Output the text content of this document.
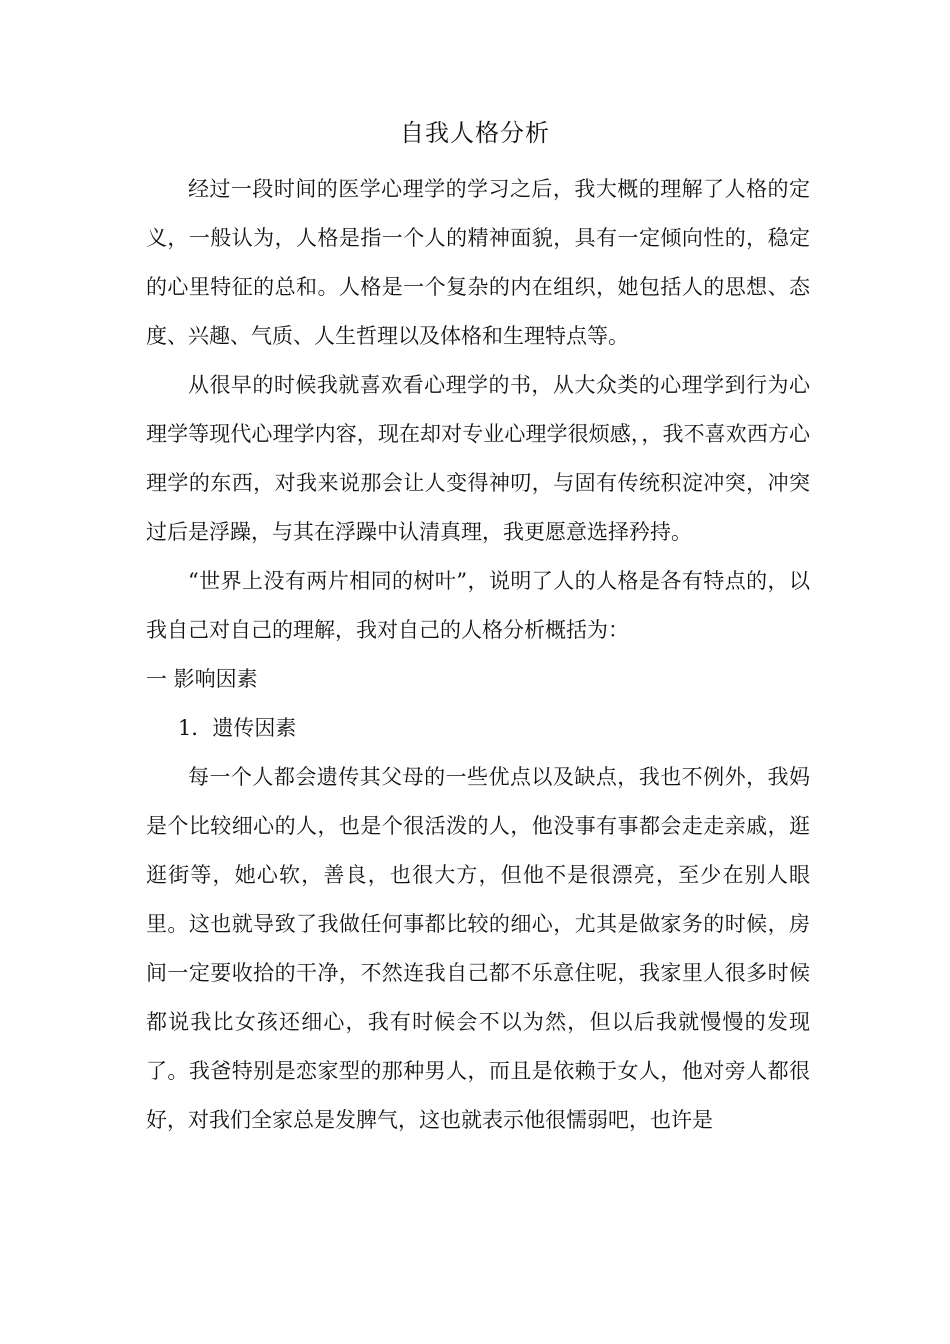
自我人格分析

经过一段时间的医学心理学的学习之后，我大概的理解了人格的定义，一般认为，人格是指一个人的精神面貌，具有一定倾向性的，稳定的心里特征的总和。人格是一个复杂的内在组织，她包括人的思想、态度、兴趣、气质、人生哲理以及体格和生理特点等。

从很早的时候我就喜欢看心理学的书，从大众类的心理学到行为心理学等现代心理学内容，现在却对专业心理学很烦感，，我不喜欢西方心理学的东西，对我来说那会让人变得神叨，与固有传统积淀冲突，冲突过后是浮躁，与其在浮躁中认清真理，我更愿意选择矜持。

“世界上没有两片相同的树叶”，说明了人的人格是各有特点的，以我自己对自己的理解，我对自己的人格分析概括为：

一 影响因素

1．遗传因素

每一个人都会遗传其父母的一些优点以及缺点，我也不例外，我妈是个比较细心的人，也是个很活泼的人，他没事有事都会走走亲戚，逛逛街等，她心软，善良，也很大方，但他不是很漂亮，至少在别人眼里。这也就导致了我做任何事都比较的细心，尤其是做家务的时候，房间一定要收拾的干净，不然连我自己都不乐意住呢，我家里人很多时候都说我比女孩还细心，我有时候会不以为然，但以后我就慢慢的发现了。我爸特别是恋家型的那种男人，而且是依赖于女人，他对旁人都很好，对我们全家总是发脾气，这也就表示他很懦弱吧，也许是
